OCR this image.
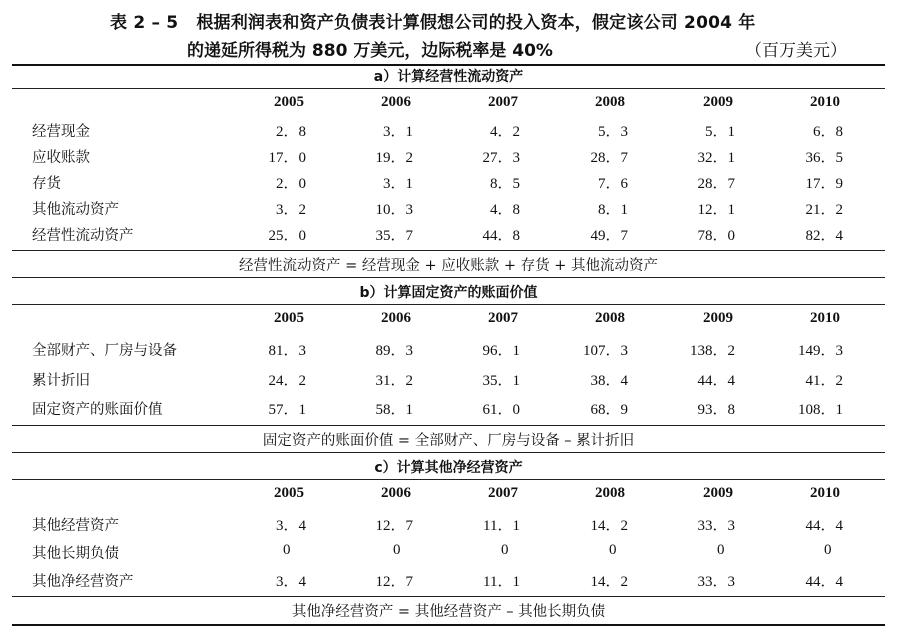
表 2 – 5 根据利润表和资产负债表计算假想公司的投入资本，假定该公司 2004 年
的递延所得税为 880 万美元，边际税率是 40%	（百万美元）
a）计算经营性流动资产
2005	2006	2007	2008	2009	2010
经营现金	2．8	3．1	4．2	5．3	5．1	6．8
应收账款	17．0	19．2	27．3	28．7	32．1	36．5
存货	2．0	3．1	8．5	7．6	28．7	17．9
其他流动资产	3．2	10．3	4．8	8．1	12．1	21．2
经营性流动资产	25．0	35．7	44．8	49．7	78．0	82．4
经营性流动资产 = 经营现金 + 应收账款 + 存货 + 其他流动资产
b）计算固定资产的账面价值
2005	2006	2007	2008	2009	2010
全部财产、厂房与设备	81．3	89．3	96．1	107．3	138．2	149．3
累计折旧	24．2	31．2	35．1	38．4	44．4	41．2
固定资产的账面价值	57．1	58．1	61．0	68．9	93．8	108．1
固定资产的账面价值 = 全部财产、厂房与设备 – 累计折旧
c）计算其他净经营资产
2005	2006	2007	2008	2009	2010
其他经营资产	3．4	12．7	11．1	14．2	33．3	44．4
其他长期负债	0	0	0	0	0	0
其他净经营资产	3．4	12．7	11．1	14．2	33．3	44．4
其他净经营资产 = 其他经营资产 – 其他长期负债
